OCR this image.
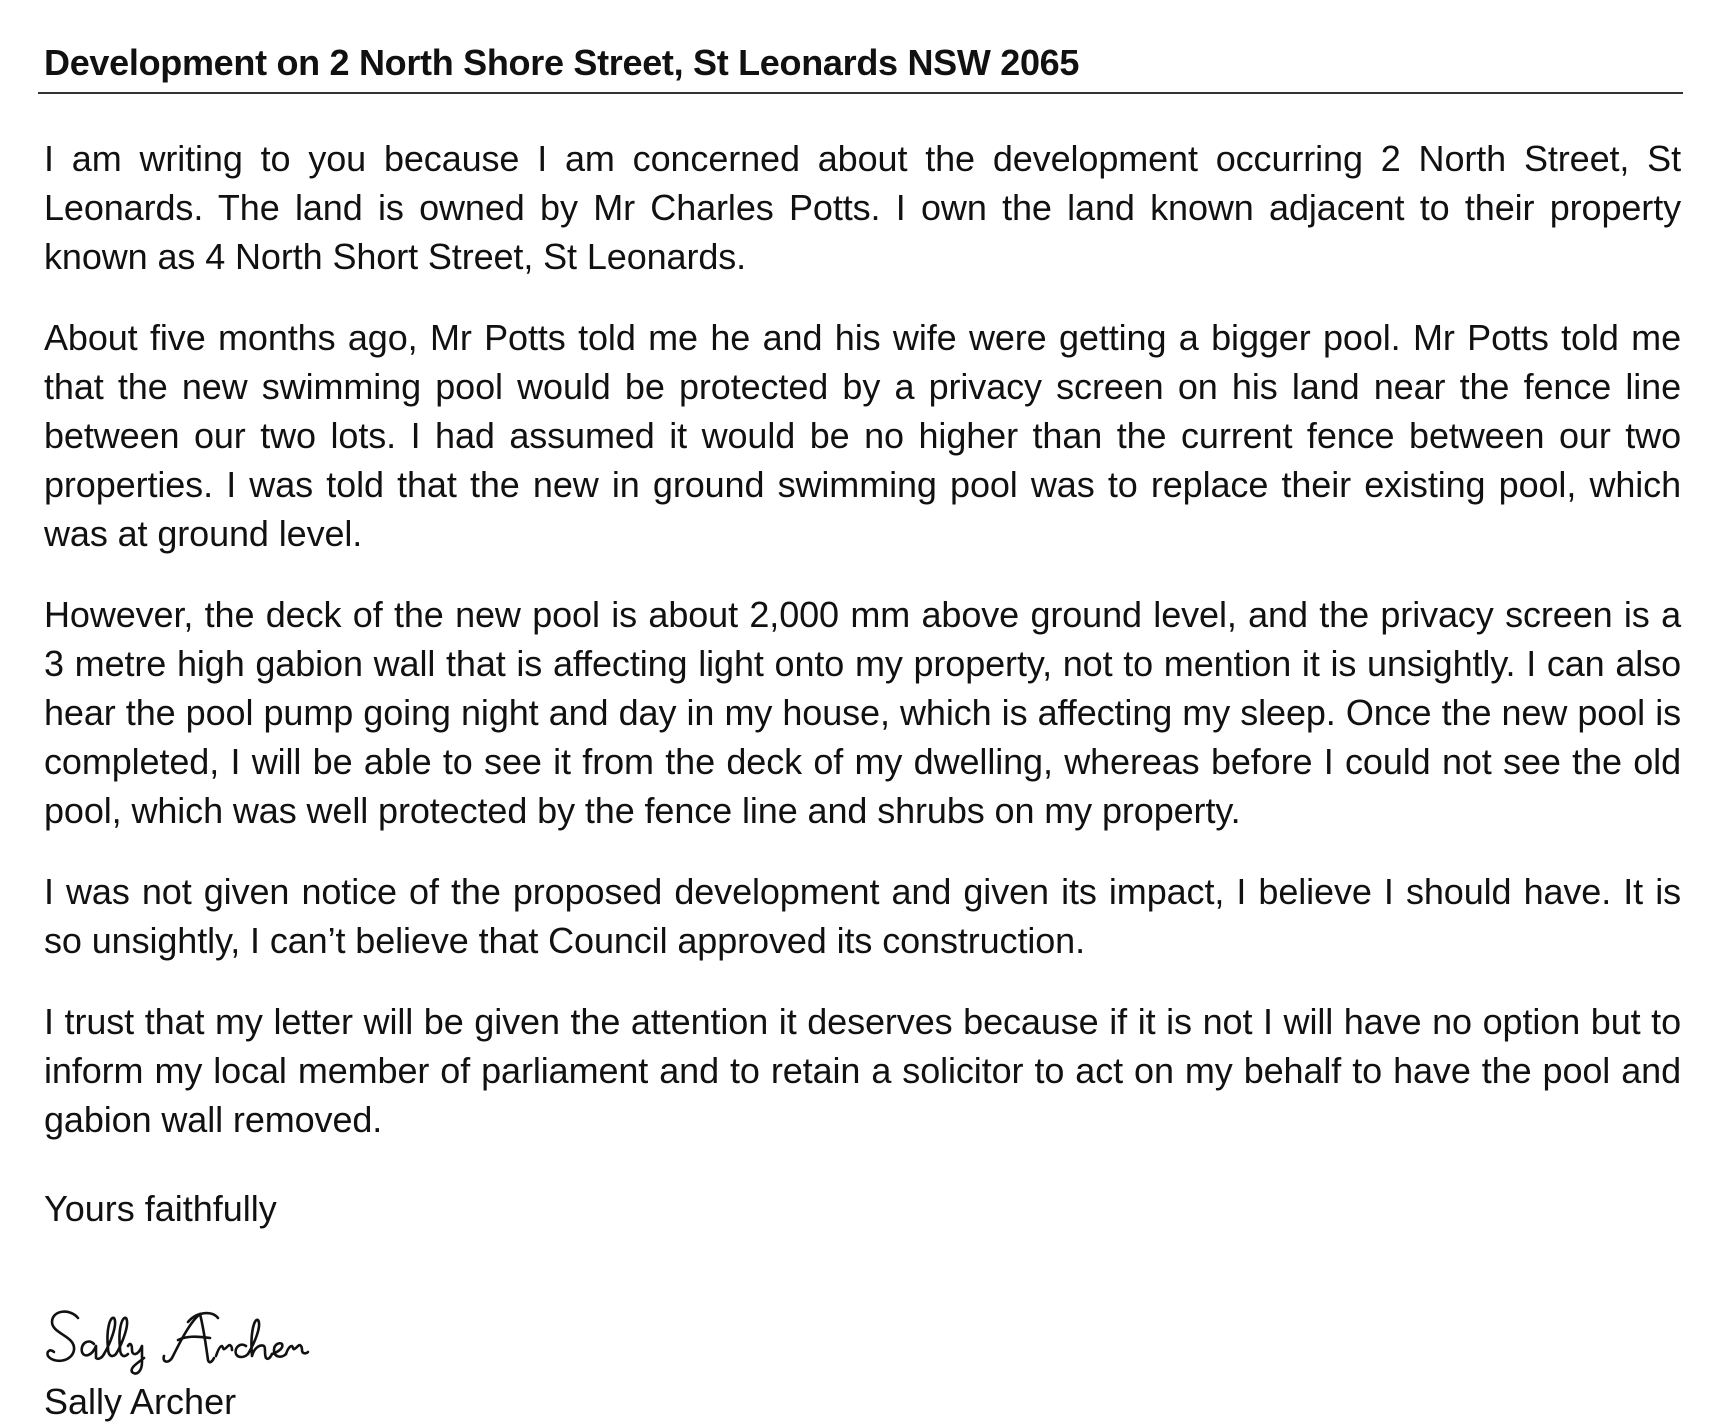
Development on 2 North Shore Street, St Leonards NSW 2065

I am writing to you because I am concerned about the development occurring 2 North Street, St Leonards. The land is owned by Mr Charles Potts. I own the land known adjacent to their property known as 4 North Short Street, St Leonards.

About five months ago, Mr Potts told me he and his wife were getting a bigger pool. Mr Potts told me that the new swimming pool would be protected by a privacy screen on his land near the fence line between our two lots. I had assumed it would be no higher than the current fence between our two properties. I was told that the new in ground swimming pool was to replace their existing pool, which was at ground level.

However, the deck of the new pool is about 2,000 mm above ground level, and the privacy screen is a 3 metre high gabion wall that is affecting light onto my property, not to mention it is unsightly. I can also hear the pool pump going night and day in my house, which is affecting my sleep. Once the new pool is completed, I will be able to see it from the deck of my dwelling, whereas before I could not see the old pool, which was well protected by the fence line and shrubs on my property.

I was not given notice of the proposed development and given its impact, I believe I should have. It is so unsightly, I can’t believe that Council approved its construction.

I trust that my letter will be given the attention it deserves because if it is not I will have no option but to inform my local member of parliament and to retain a solicitor to act on my behalf to have the pool and gabion wall removed.

Yours faithfully
Sally Archer
